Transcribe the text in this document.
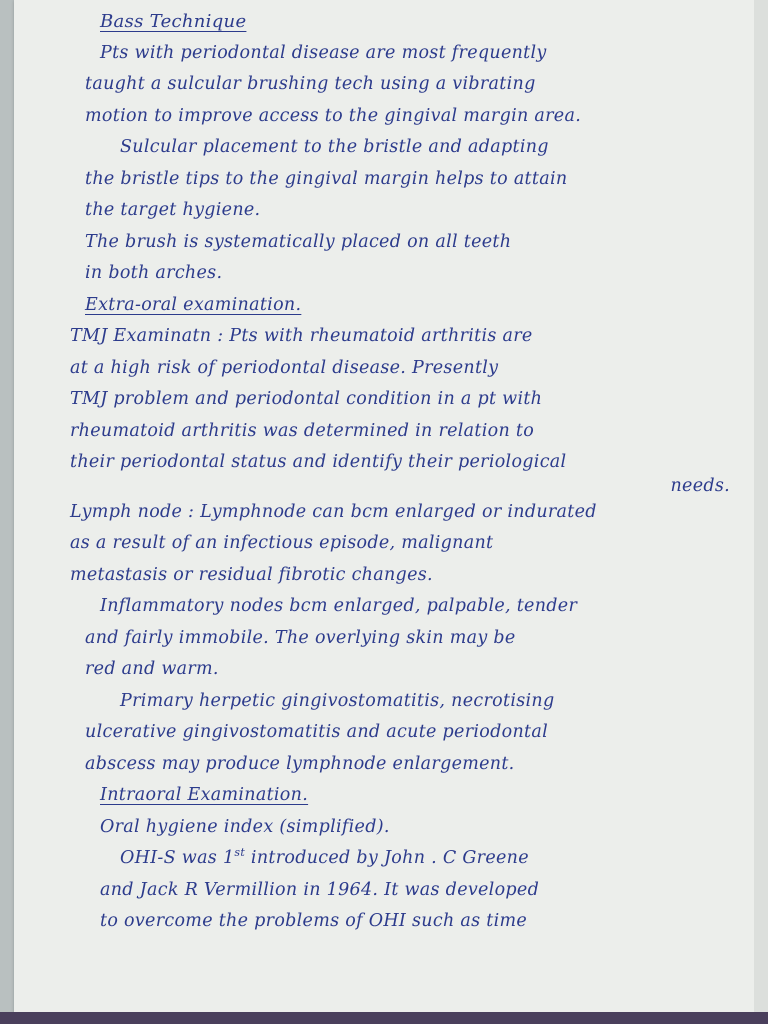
Bass Technique
Pts with periodontal disease are most frequently
taught a sulcular brushing tech using a vibrating
motion to improve access to the gingival margin area.
Sulcular placement to the bristle and adapting
the bristle tips to the gingival margin helps to attain
the target hygiene.
The brush is systematically placed on all teeth
in both arches.
Extra-oral examination.
TMJ Examinatn : Pts with rheumatoid arthritis are
at a high risk of periodontal disease. Presently
TMJ problem and periodontal condition in a pt with
rheumatoid arthritis was determined in relation to
their periodontal status and identify their periological
needs.
Lymph node : Lymphnode can bcm enlarged or indurated
as a result of an infectious episode, malignant
metastasis or residual fibrotic changes.
Inflammatory nodes bcm enlarged, palpable, tender
and fairly immobile. The overlying skin may be
red and warm.
Primary herpetic gingivostomatitis, necrotising
ulcerative gingivostomatitis and acute periodontal
abscess may produce lymphnode enlargement.
Intraoral Examination.
Oral hygiene index (simplified).
OHI-S was 1st introduced by John . C Greene
and Jack R Vermillion in 1964. It was developed
to overcome the problems of OHI such as time
